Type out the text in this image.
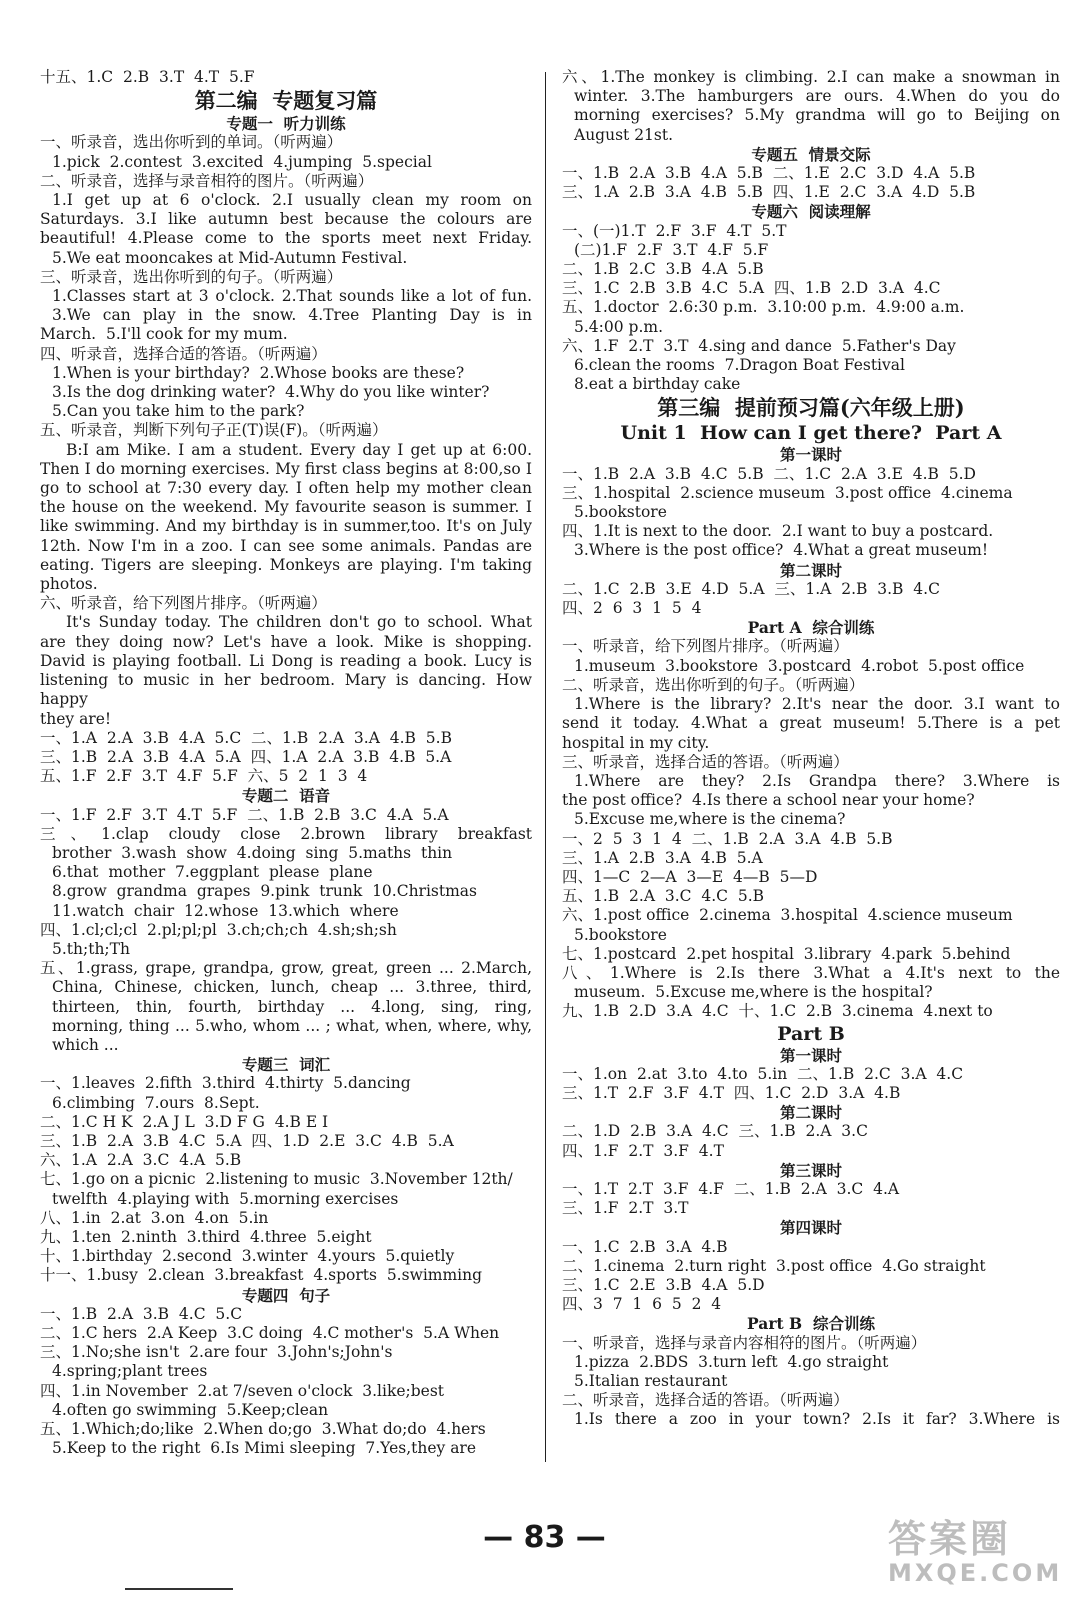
十五、1.C  2.B  3.T  4.T  5.F
第二编  专题复习篇
专题一  听力训练
一、听录音，选出你听到的单词。（听两遍）
1.pick  2.contest  3.excited  4.jumping  5.special
二、听录音，选择与录音相符的图片。（听两遍）
1.I get up at 6 o'clock. 2.I usually clean my room on
Saturdays. 3.I like autumn best because the colours are
beautiful! 4.Please come to the sports meet next Friday.
5.We eat mooncakes at Mid-Autumn Festival.
三、听录音，选出你听到的句子。（听两遍）
1.Classes start at 3 o'clock. 2.That sounds like a lot of fun.
3.We can play in the snow. 4.Tree Planting Day is in
March.  5.I'll cook for my mum.
四、听录音，选择合适的答语。（听两遍）
1.When is your birthday?  2.Whose books are these?
3.Is the dog drinking water?  4.Why do you like winter?
5.Can you take him to the park?
五、听录音，判断下列句子正(T)误(F)。（听两遍）
B:I am Mike. I am a student. Every day I get up at 6:00.
Then I do morning exercises. My first class begins at 8:00,so I
go to school at 7:30 every day. I often help my mother clean
the house on the weekend. My favourite season is summer. I
like swimming. And my birthday is in summer,too. It's on July
12th. Now I'm in a zoo. I can see some animals. Pandas are
eating. Tigers are sleeping. Monkeys are playing. I'm taking
photos.
六、听录音，给下列图片排序。（听两遍）
It's Sunday today. The children don't go to school. What
are they doing now? Let's have a look. Mike is shopping.
David is playing football. Li Dong is reading a book. Lucy is
listening to music in her bedroom. Mary is dancing. How happy
they are!
一、1.A  2.A  3.B  4.A  5.C  二、1.B  2.A  3.A  4.B  5.B
三、1.B  2.A  3.B  4.A  5.A  四、1.A  2.A  3.B  4.B  5.A
五、1.F  2.F  3.T  4.F  5.F  六、5  2  1  3  4
专题二  语音
一、1.F  2.F  3.T  4.T  5.F  二、1.B  2.B  3.C  4.A  5.A
三、1.clap cloudy close 2.brown library breakfast
brother  3.wash  show  4.doing  sing  5.maths  thin
6.that  mother  7.eggplant  please  plane
8.grow  grandma  grapes  9.pink  trunk  10.Christmas
11.watch  chair  12.whose  13.which  where
四、1.cl;cl;cl  2.pl;pl;pl  3.ch;ch;ch  4.sh;sh;sh
5.th;th;Th
五、1.grass, grape, grandpa, grow, great, green ... 2.March,
China, Chinese, chicken, lunch, cheap ... 3.three, third,
thirteen, thin, fourth, birthday ... 4.long, sing, ring,
morning, thing ... 5.who, whom ... ; what, when, where, why,
which ...
专题三  词汇
一、1.leaves  2.fifth  3.third  4.thirty  5.dancing
6.climbing  7.ours  8.Sept.
二、1.C H K  2.A J L  3.D F G  4.B E I
三、1.B  2.A  3.B  4.C  5.A  四、1.D  2.E  3.C  4.B  5.A
六、1.A  2.A  3.C  4.A  5.B
七、1.go on a picnic  2.listening to music  3.November 12th/
twelfth  4.playing with  5.morning exercises
八、1.in  2.at  3.on  4.on  5.in
九、1.ten  2.ninth  3.third  4.three  5.eight
十、1.birthday  2.second  3.winter  4.yours  5.quietly
十一、1.busy  2.clean  3.breakfast  4.sports  5.swimming
专题四  句子
一、1.B  2.A  3.B  4.C  5.C
二、1.C hers  2.A Keep  3.C doing  4.C mother's  5.A When
三、1.No;she isn't  2.are four  3.John's;John's
4.spring;plant trees
四、1.in November  2.at 7/seven o'clock  3.like;best
4.often go swimming  5.Keep;clean
五、1.Which;do;like  2.When do;go  3.What do;do  4.hers
5.Keep to the right  6.Is Mimi sleeping  7.Yes,they are
六、1.The monkey is climbing. 2.I can make a snowman in
winter. 3.The hamburgers are ours. 4.When do you do
morning exercises? 5.My grandma will go to Beijing on
August 21st.
专题五  情景交际
一、1.B  2.A  3.B  4.A  5.B  二、1.E  2.C  3.D  4.A  5.B
三、1.A  2.B  3.A  4.B  5.B  四、1.E  2.C  3.A  4.D  5.B
专题六  阅读理解
一、(一)1.T  2.F  3.F  4.T  5.T
(二)1.F  2.F  3.T  4.F  5.F
二、1.B  2.C  3.B  4.A  5.B
三、1.C  2.B  3.B  4.C  5.A  四、1.B  2.D  3.A  4.C
五、1.doctor  2.6:30 p.m.  3.10:00 p.m.  4.9:00 a.m.
5.4:00 p.m.
六、1.F  2.T  3.T  4.sing and dance  5.Father's Day
6.clean the rooms  7.Dragon Boat Festival
8.eat a birthday cake
第三编  提前预习篇(六年级上册)
Unit 1  How can I get there?  Part A
第一课时
一、1.B  2.A  3.B  4.C  5.B  二、1.C  2.A  3.E  4.B  5.D
三、1.hospital  2.science museum  3.post office  4.cinema
5.bookstore
四、1.It is next to the door.  2.I want to buy a postcard.
3.Where is the post office?  4.What a great museum!
第二课时
二、1.C  2.B  3.E  4.D  5.A  三、1.A  2.B  3.B  4.C
四、2  6  3  1  5  4
Part A  综合训练
一、听录音，给下列图片排序。（听两遍）
1.museum  3.bookstore  3.postcard  4.robot  5.post office
二、听录音，选出你听到的句子。（听两遍）
1.Where is the library? 2.It's near the door. 3.I want to
send it today. 4.What a great museum! 5.There is a pet
hospital in my city.
三、听录音，选择合适的答语。（听两遍）
1.Where are they? 2.Is Grandpa there? 3.Where is
the post office?  4.Is there a school near your home?
5.Excuse me,where is the cinema?
一、2  5  3  1  4  二、1.B  2.A  3.A  4.B  5.B
三、1.A  2.B  3.A  4.B  5.A
四、1—C  2—A  3—E  4—B  5—D
五、1.B  2.A  3.C  4.C  5.B
六、1.post office  2.cinema  3.hospital  4.science museum
5.bookstore
七、1.postcard  2.pet hospital  3.library  4.park  5.behind
八、1.Where is 2.Is there 3.What a 4.It's next to the
museum.  5.Excuse me,where is the hospital?
九、1.B  2.D  3.A  4.C  十、1.C  2.B  3.cinema  4.next to
Part B
第一课时
一、1.on  2.at  3.to  4.to  5.in  二、1.B  2.C  3.A  4.C
三、1.T  2.F  3.F  4.T  四、1.C  2.D  3.A  4.B
第二课时
二、1.D  2.B  3.A  4.C  三、1.B  2.A  3.C
四、1.F  2.T  3.F  4.T
第三课时
一、1.T  2.T  3.F  4.F  二、1.B  2.A  3.C  4.A
三、1.F  2.T  3.T
第四课时
一、1.C  2.B  3.A  4.B
二、1.cinema  2.turn right  3.post office  4.Go straight
三、1.C  2.E  3.B  4.A  5.D
四、3  7  1  6  5  2  4
Part B  综合训练
一、听录音，选择与录音内容相符的图片。（听两遍）
1.pizza  2.BDS  3.turn left  4.go straight
5.Italian restaurant
二、听录音，选择合适的答语。（听两遍）
1.Is there a zoo in your town? 2.Is it far? 3.Where is
— 83 —	答案圈
MXQE.COM
